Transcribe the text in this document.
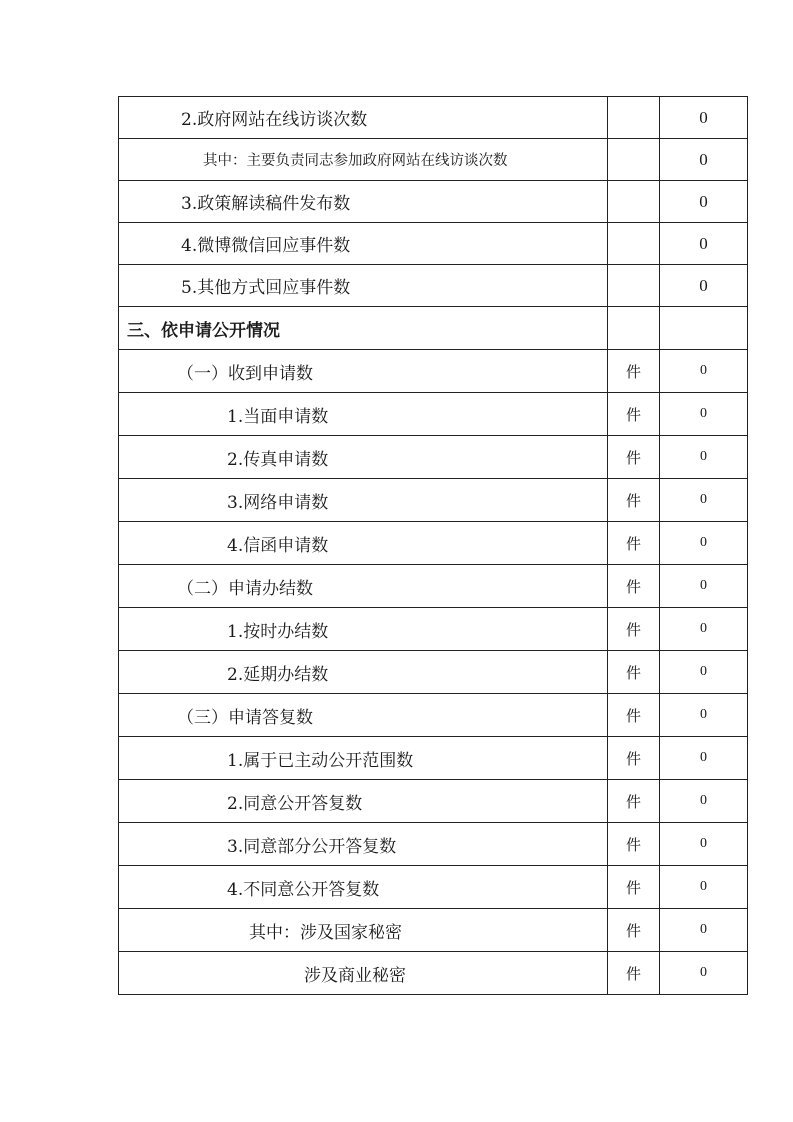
2.政府网站在线访谈次数		0
其中：主要负责同志参加政府网站在线访谈次数		0
3.政策解读稿件发布数		0
4.微博微信回应事件数		0
5.其他方式回应事件数		0
三、依申请公开情况		
（一）收到申请数	件	0
1.当面申请数	件	0
2.传真申请数	件	0
3.网络申请数	件	0
4.信函申请数	件	0
（二）申请办结数	件	0
1.按时办结数	件	0
2.延期办结数	件	0
（三）申请答复数	件	0
1.属于已主动公开范围数	件	0
2.同意公开答复数	件	0
3.同意部分公开答复数	件	0
4.不同意公开答复数	件	0
其中：涉及国家秘密	件	0
涉及商业秘密	件	0
